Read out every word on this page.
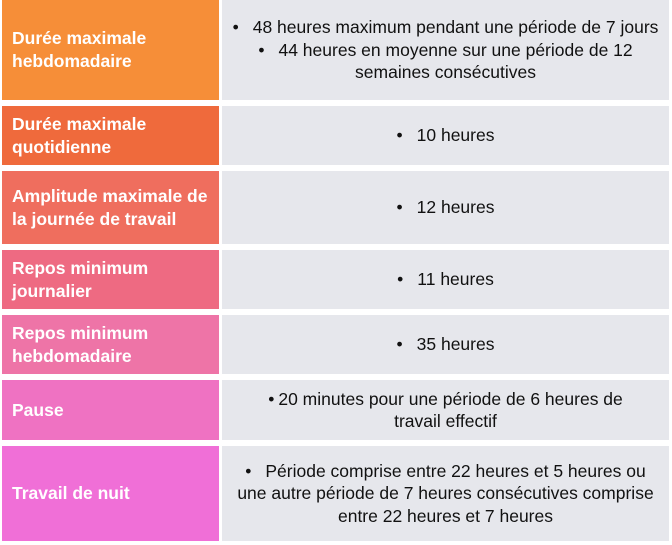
Durée maximale hebdomadaire

• 48 heures maximum pendant une période de 7 jours

• 44 heures en moyenne sur une période de 12 semaines consécutives

Durée maximale quotidienne

• 10 heures

Amplitude maximale de la journée de travail

• 12 heures

Repos minimum journalier

• 11 heures

Repos minimum hebdomadaire

• 35 heures

Pause

• 20 minutes pour une période de 6 heures de travail effectif

Travail de nuit

• Période comprise entre 22 heures et 5 heures ou une autre période de 7 heures consécutives comprise entre 22 heures et 7 heures
